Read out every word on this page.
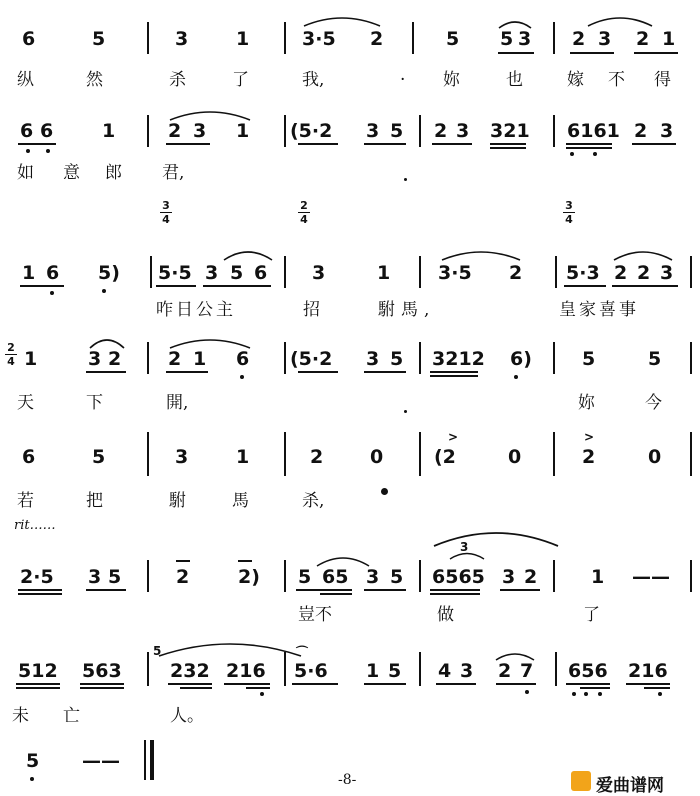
6	5	3	1	3·5 2	5 5 3 2 3 2 1
纵	然	杀	了	我,	· 妳	也	嫁 不 得
6 6	1	2 3 1 (5·2 3 5 2 3 321 6161 2 3
如 意 郎 君,
3
4
2
4
3
4
1 6 5) 5·5 3 5 6 3	1	3·5 2 5·3 2 2 3
咋日公主	招	駙馬,	皇家喜事
2
4 1	3 2 2 1 6 (5·2 3 5 3212 6)	5	5
天	下	開,	妳	今
6	5	3	1	2 0
>
(2	0
>
2	0
若	把	駙	馬	杀,
rit……
2·5 3 5	2	2) 5 65 3 5
3
6565 3 2	1 ——
豈不	做	了
512 563
5
232 216
⌒
5·6 1 5 4 3 2 7 656 216
未 亡	人。
5 ——
-8-	爱曲谱网
